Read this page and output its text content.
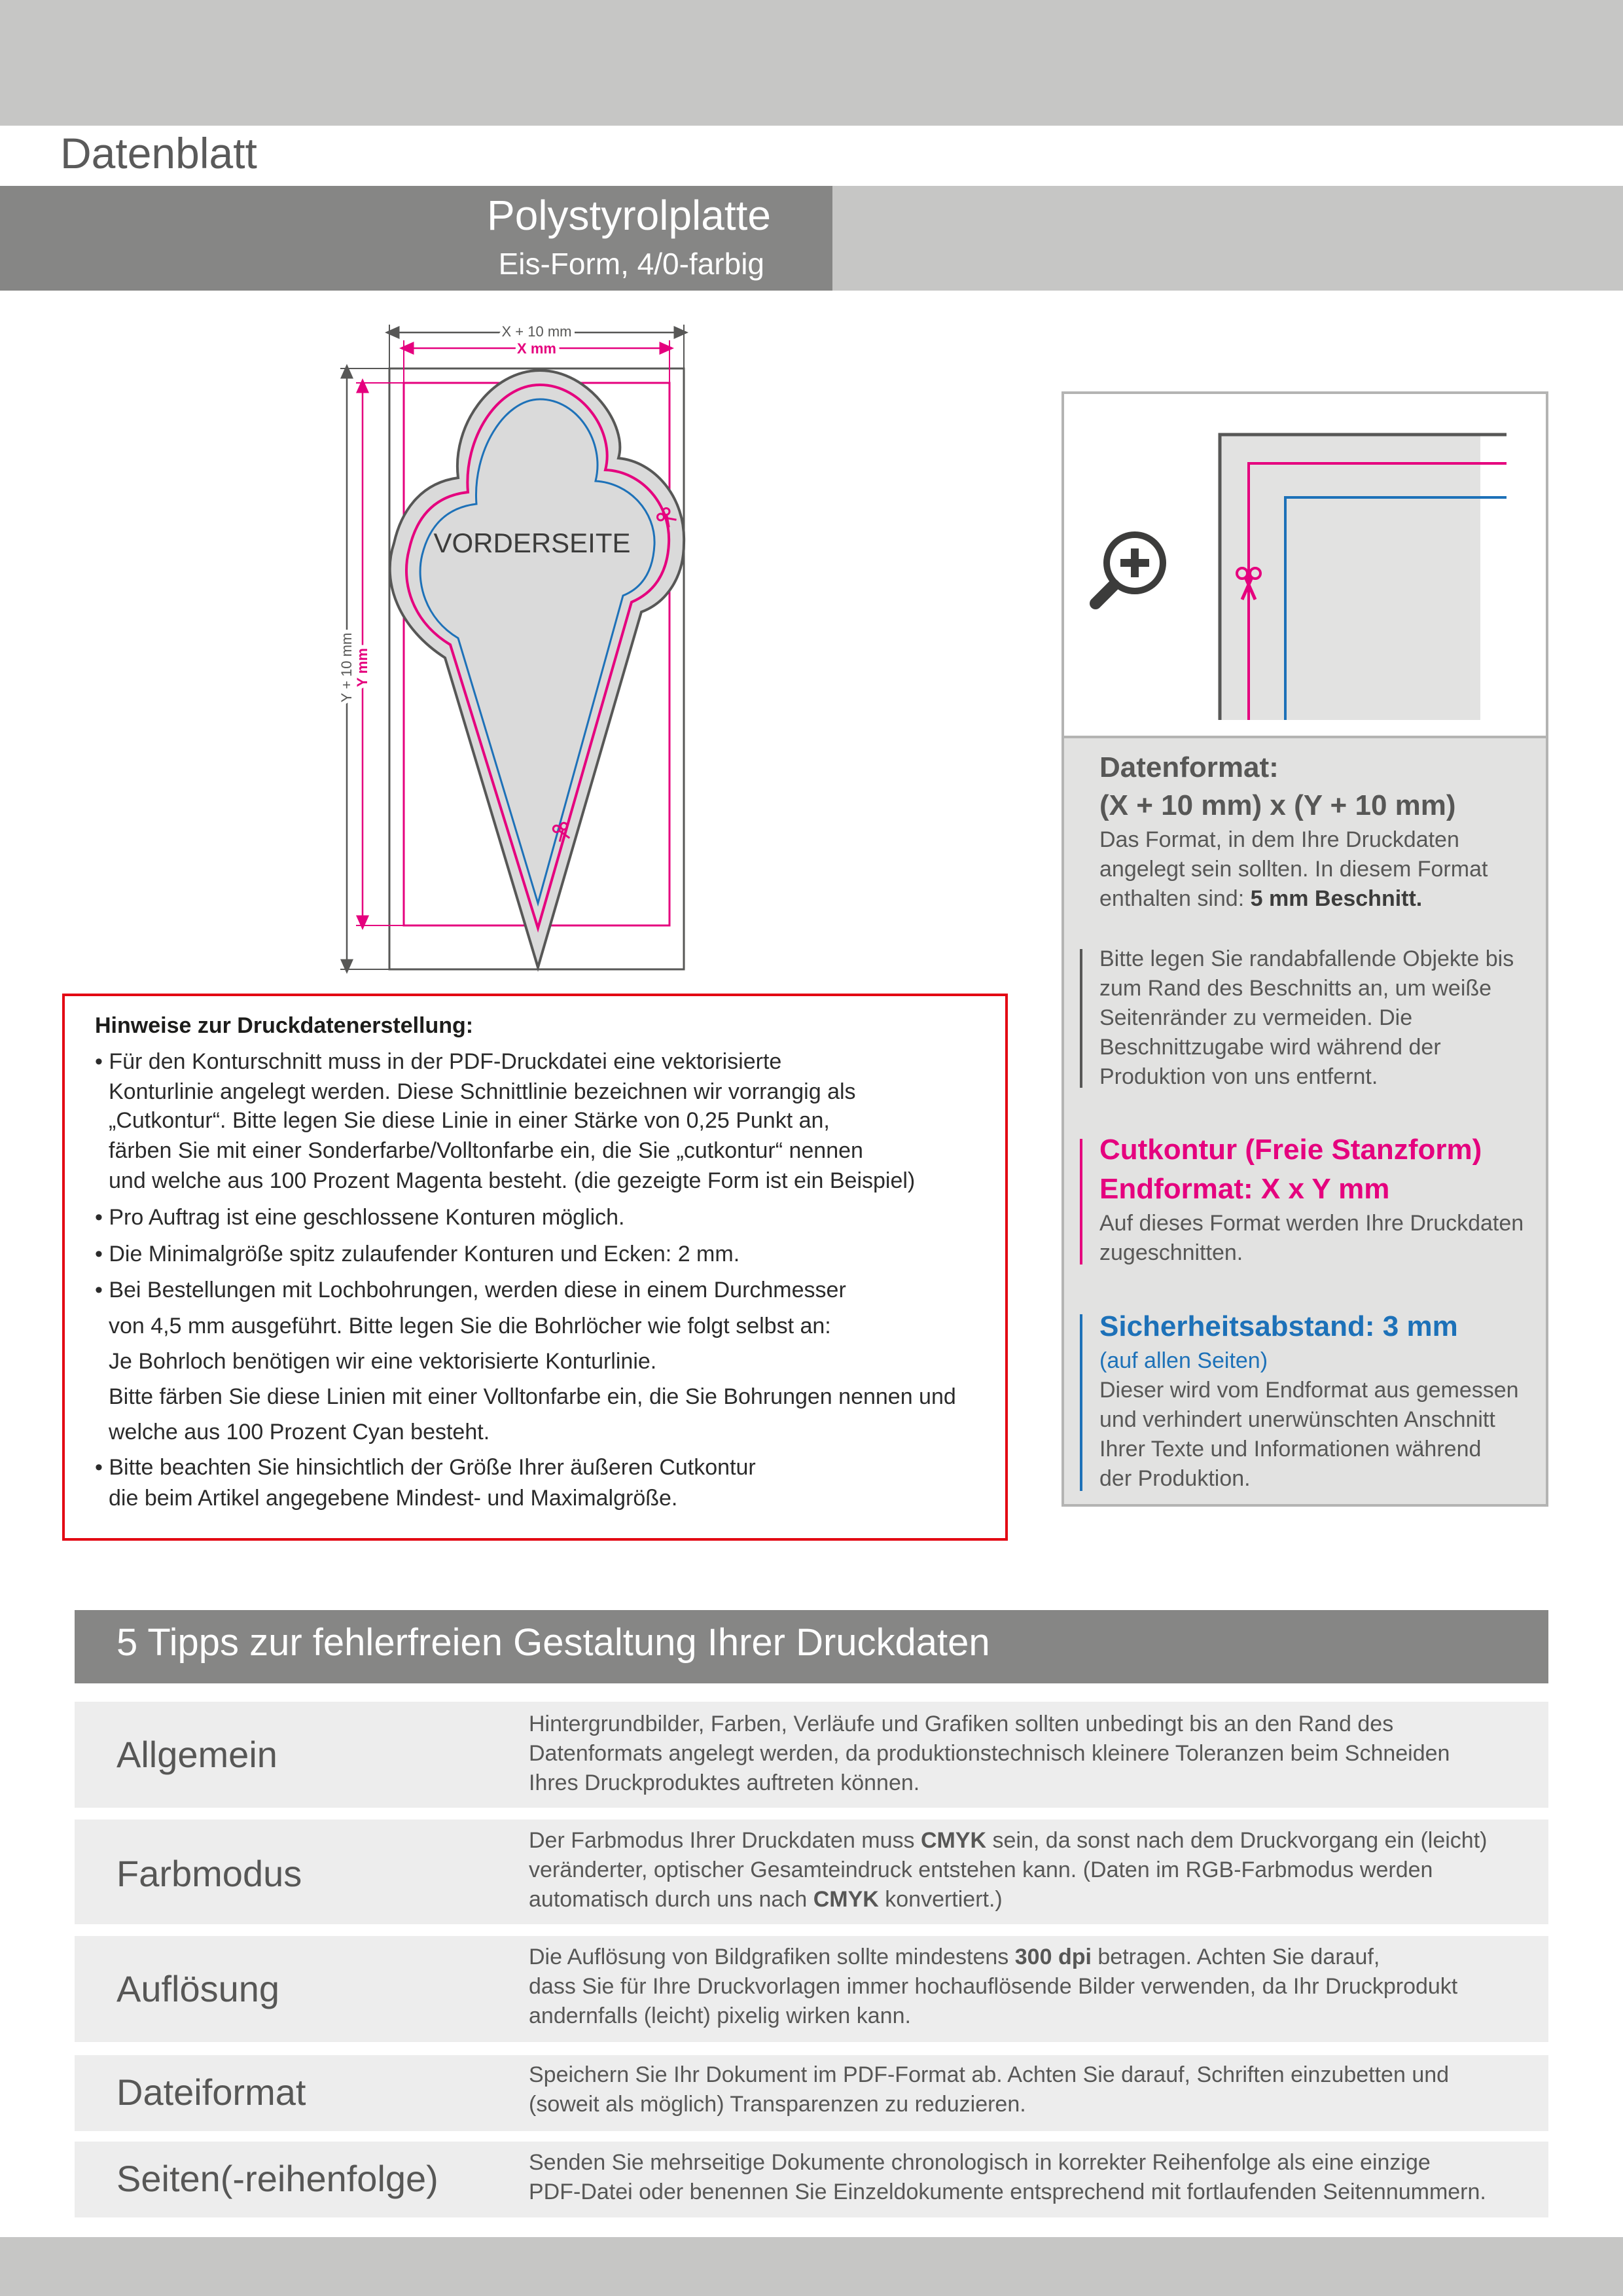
Datenblatt
Polystyrolplatte
Eis-Form, 4/0-farbig
X + 10 mm
X mm
Y + 10 mm Y mm
VORDERSEITE
Hinweise zur Druckdatenerstellung:
• Für den Konturschnitt muss in der PDF-Druckdatei eine vektorisierte
Konturlinie angelegt werden. Diese Schnittlinie bezeichnen wir vorrangig als
„Cutkontur“. Bitte legen Sie diese Linie in einer Stärke von 0,25 Punkt an,
färben Sie mit einer Sonderfarbe/Volltonfarbe ein, die Sie „cutkontur“ nennen
und welche aus 100 Prozent Magenta besteht. (die gezeigte Form ist ein Beispiel)
• Pro Auftrag ist eine geschlossene Konturen möglich.
• Die Minimalgröße spitz zulaufender Konturen und Ecken: 2 mm.
• Bei Bestellungen mit Lochbohrungen, werden diese in einem Durchmesser
von 4,5 mm ausgeführt. Bitte legen Sie die Bohrlöcher wie folgt selbst an:
Je Bohrloch benötigen wir eine vektorisierte Konturlinie.
Bitte färben Sie diese Linien mit einer Volltonfarbe ein, die Sie Bohrungen nennen und
welche aus 100 Prozent Cyan besteht.
• Bitte beachten Sie hinsichtlich der Größe Ihrer äußeren Cutkontur
die beim Artikel angegebene Mindest- und Maximalgröße.
Datenformat:
(X + 10 mm) x (Y + 10 mm)
Das Format, in dem Ihre Druckdaten
angelegt sein sollten. In diesem Format
enthalten sind: 5 mm Beschnitt.
Bitte legen Sie randabfallende Objekte bis
zum Rand des Beschnitts an, um weiße
Seitenränder zu vermeiden. Die
Beschnittzugabe wird während der
Produktion von uns entfernt.
Cutkontur (Freie Stanzform)
Endformat: X x Y mm
Auf dieses Format werden Ihre Druckdaten
zugeschnitten.
Sicherheitsabstand: 3 mm
(auf allen Seiten)
Dieser wird vom Endformat aus gemessen
und verhindert unerwünschten Anschnitt
Ihrer Texte und Informationen während
der Produktion.
5 Tipps zur fehlerfreien Gestaltung Ihrer Druckdaten
Allgemein
Hintergrundbilder, Farben, Verläufe und Grafiken sollten unbedingt bis an den Rand des
Datenformats angelegt werden, da produktionstechnisch kleinere Toleranzen beim Schneiden
Ihres Druckproduktes auftreten können.
Farbmodus
Der Farbmodus Ihrer Druckdaten muss CMYK sein, da sonst nach dem Druckvorgang ein (leicht)
veränderter, optischer Gesamteindruck entstehen kann. (Daten im RGB-Farbmodus werden
automatisch durch uns nach CMYK konvertiert.)
Auflösung
Die Auflösung von Bildgrafiken sollte mindestens 300 dpi betragen. Achten Sie darauf,
dass Sie für Ihre Druckvorlagen immer hochauflösende Bilder verwenden, da Ihr Druckprodukt
andernfalls (leicht) pixelig wirken kann.
Dateiformat	Speichern Sie Ihr Dokument im PDF-Format ab. Achten Sie darauf, Schriften einzubetten und
(soweit als möglich) Transparenzen zu reduzieren.
Seiten(-reihenfolge)	Senden Sie mehrseitige Dokumente chronologisch in korrekter Reihenfolge als eine einzige
PDF-Datei oder benennen Sie Einzeldokumente entsprechend mit fortlaufenden Seitennummern.
